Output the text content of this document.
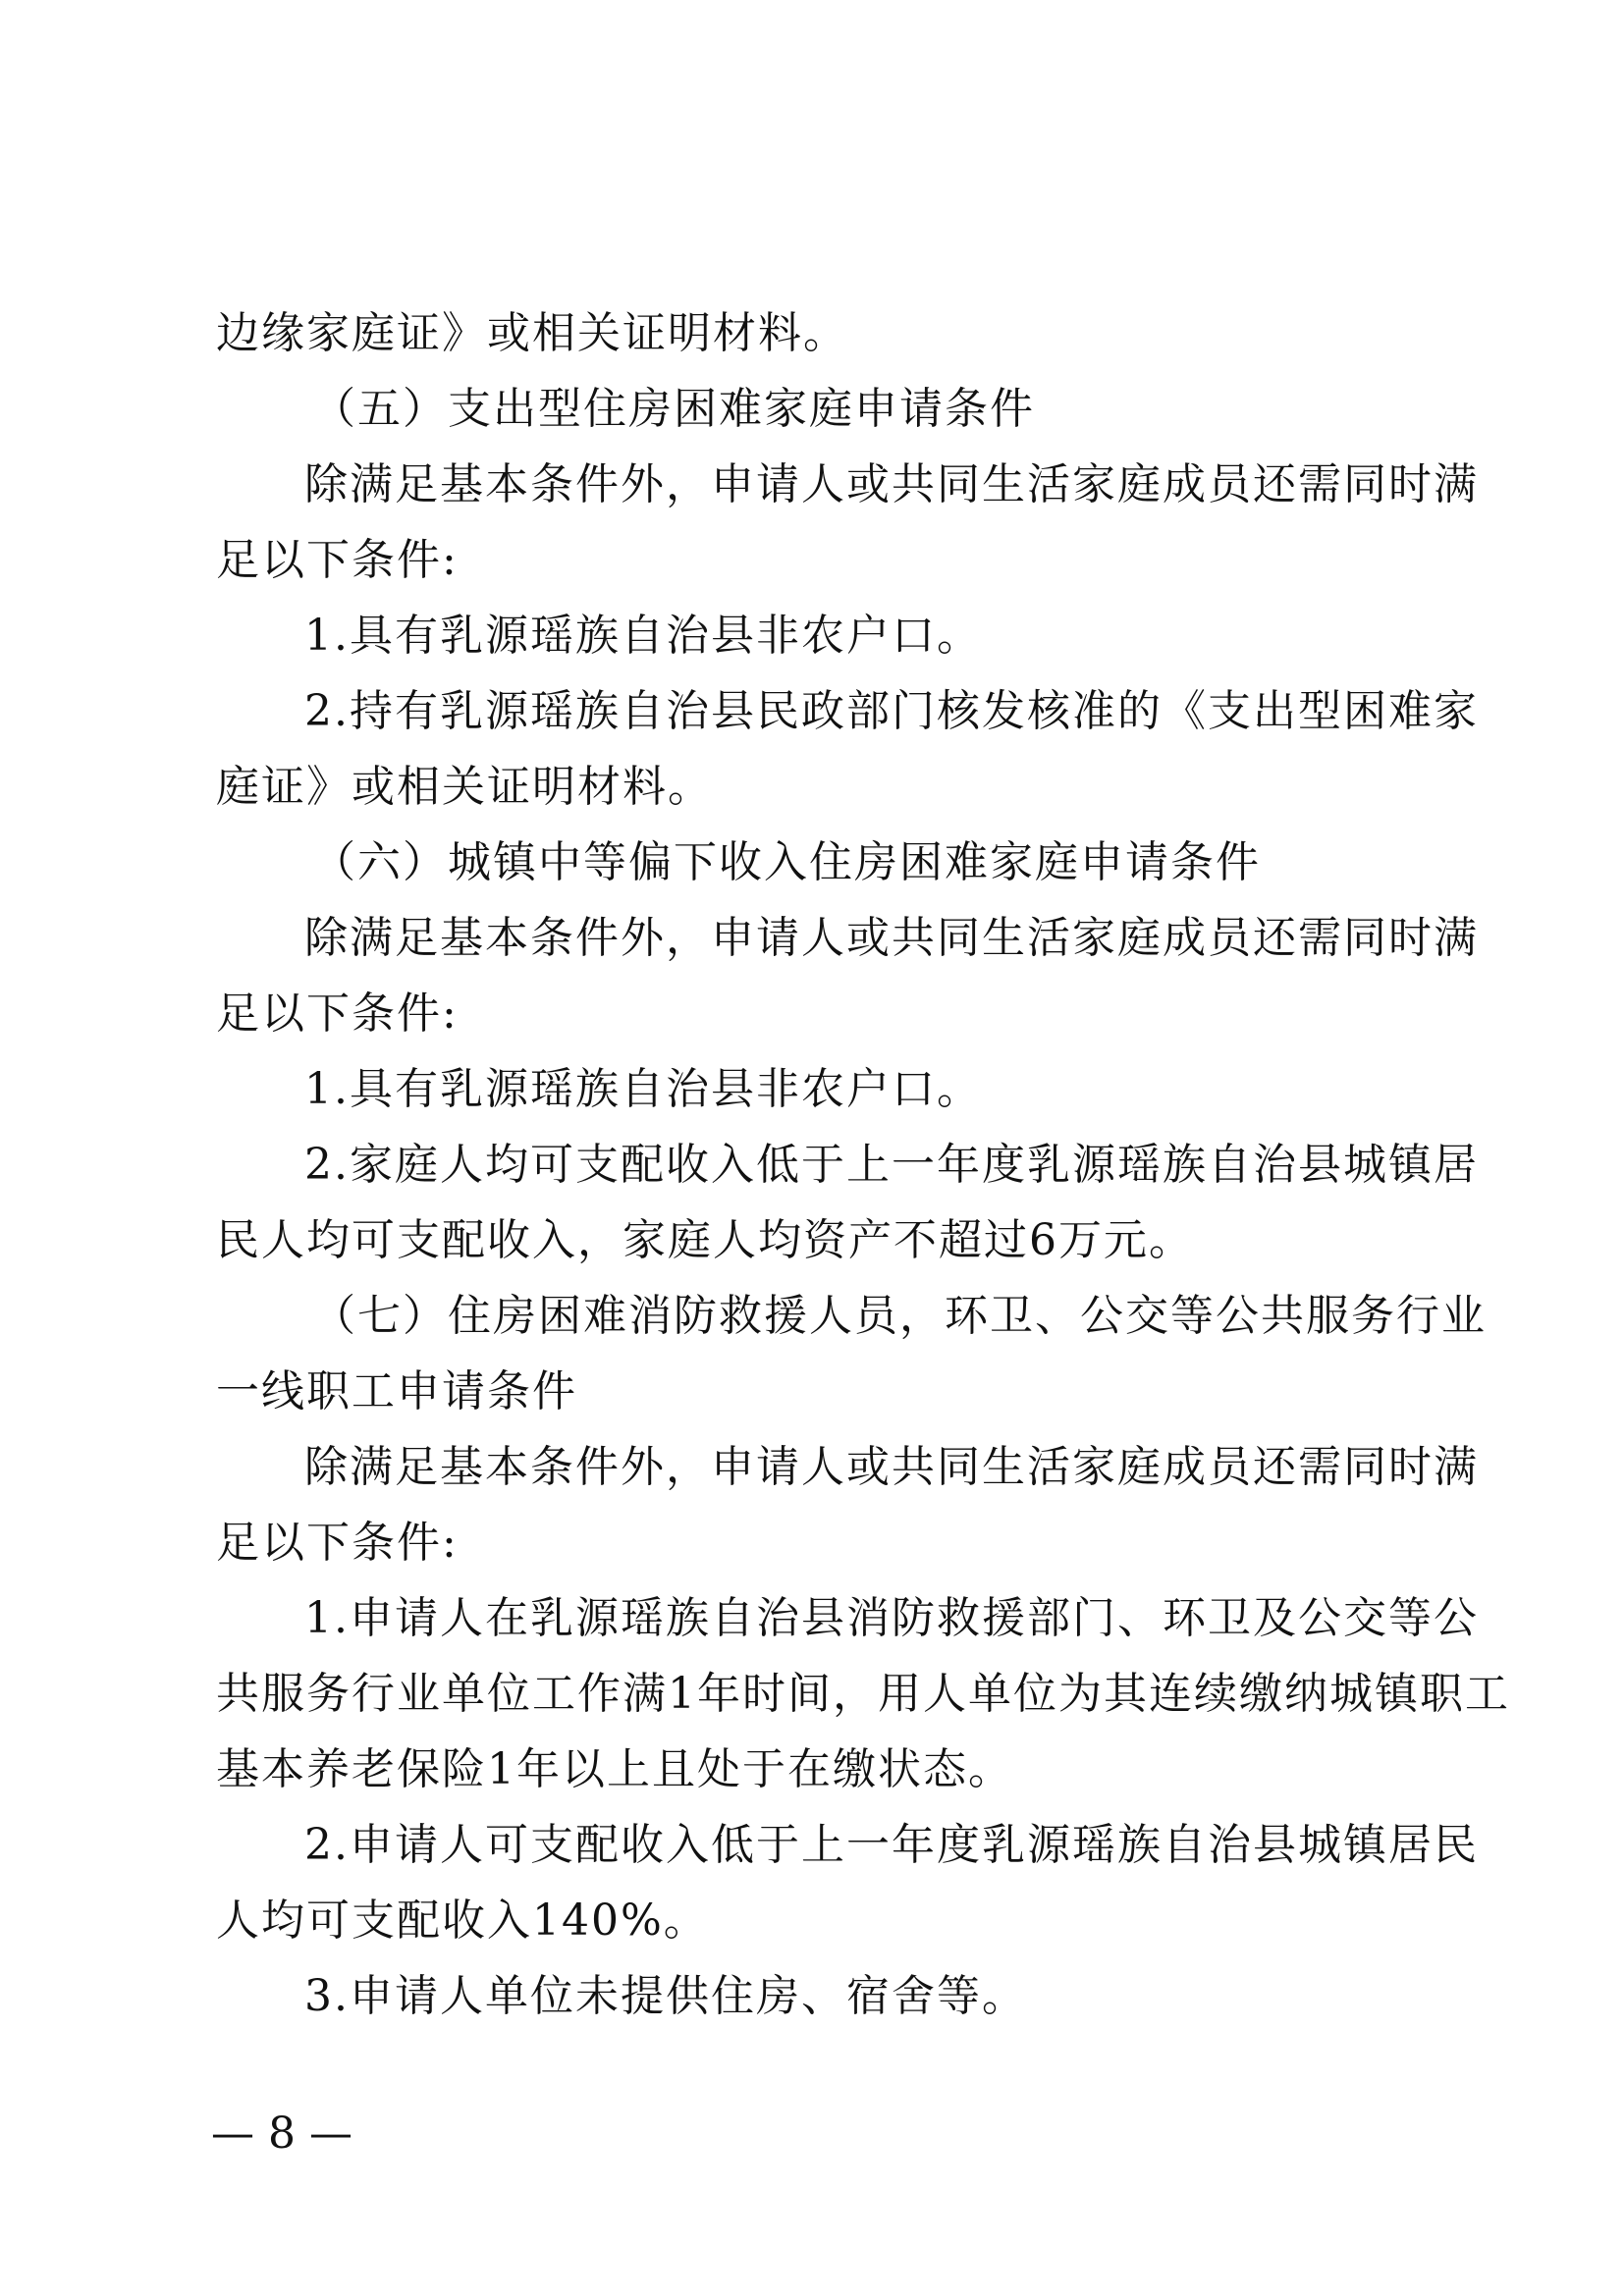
边缘家庭证》或相关证明材料。
（五）支出型住房困难家庭申请条件
除满足基本条件外，申请人或共同生活家庭成员还需同时满
足以下条件:
1.具有乳源瑶族自治县非农户口。
2.持有乳源瑶族自治县民政部门核发核准的《支出型困难家
庭证》或相关证明材料。
（六）城镇中等偏下收入住房困难家庭申请条件
除满足基本条件外，申请人或共同生活家庭成员还需同时满
足以下条件:
1.具有乳源瑶族自治县非农户口。
2.家庭人均可支配收入低于上一年度乳源瑶族自治县城镇居
民人均可支配收入，家庭人均资产不超过6万元。
（七）住房困难消防救援人员，环卫、公交等公共服务行业
一线职工申请条件
除满足基本条件外，申请人或共同生活家庭成员还需同时满
足以下条件:
1.申请人在乳源瑶族自治县消防救援部门、环卫及公交等公
共服务行业单位工作满1年时间，用人单位为其连续缴纳城镇职工
基本养老保险1年以上且处于在缴状态。
2.申请人可支配收入低于上一年度乳源瑶族自治县城镇居民
人均可支配收入140%。
3.申请人单位未提供住房、宿舍等。
— 8 —
